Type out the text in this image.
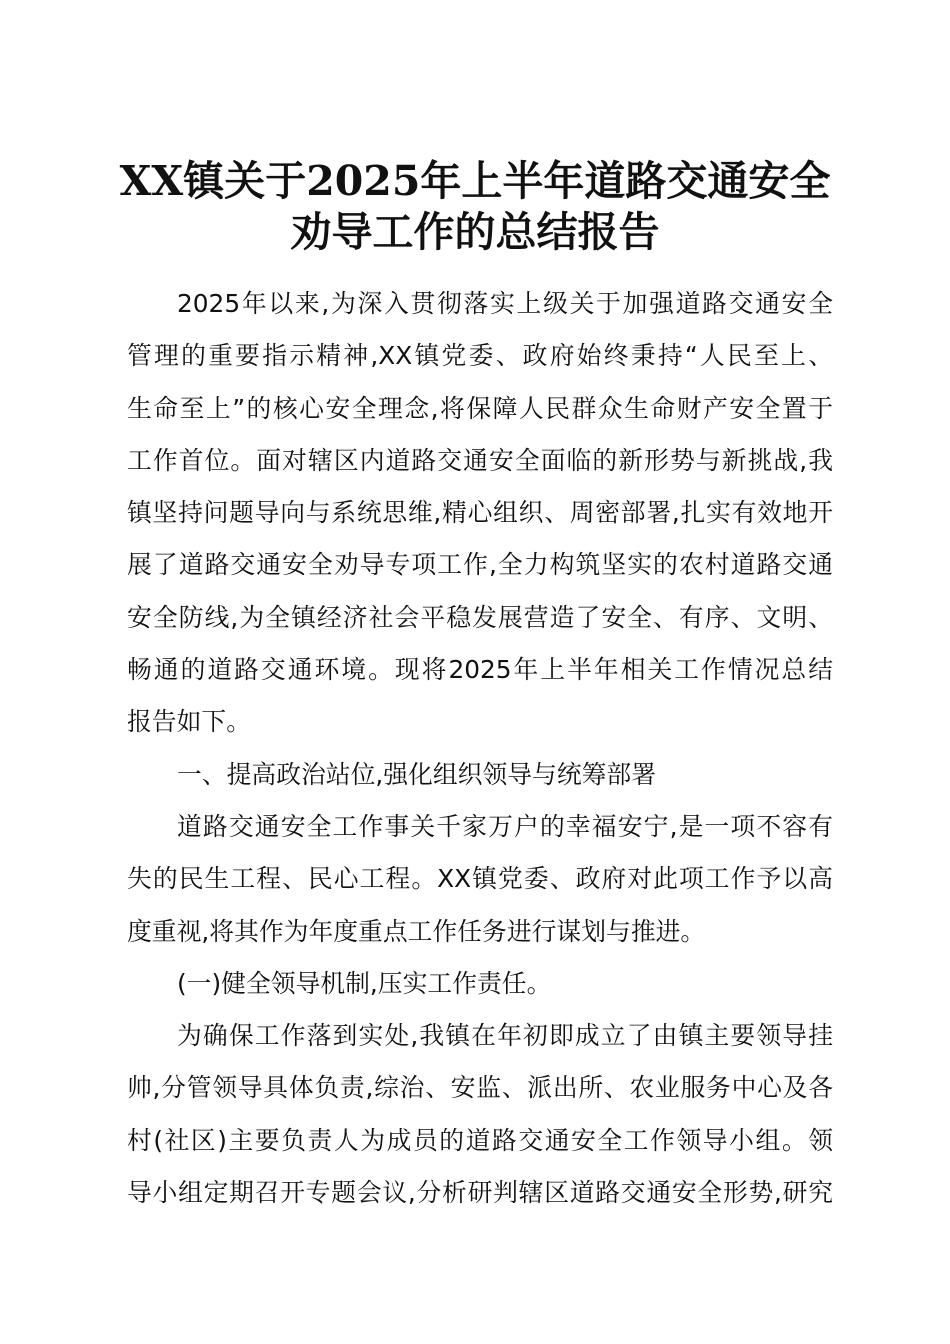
XX镇关于2025年上半年道路交通安全
劝导工作的总结报告
2025年以来,为深入贯彻落实上级关于加强道路交通安全
管理的重要指示精神,XX镇党委、政府始终秉持“人民至上、
生命至上”的核心安全理念,将保障人民群众生命财产安全置于
工作首位。面对辖区内道路交通安全面临的新形势与新挑战,我
镇坚持问题导向与系统思维,精心组织、周密部署,扎实有效地开
展了道路交通安全劝导专项工作,全力构筑坚实的农村道路交通
安全防线,为全镇经济社会平稳发展营造了安全、有序、文明、
畅通的道路交通环境。现将2025年上半年相关工作情况总结
报告如下。
一、提高政治站位,强化组织领导与统筹部署
道路交通安全工作事关千家万户的幸福安宁,是一项不容有
失的民生工程、民心工程。XX镇党委、政府对此项工作予以高
度重视,将其作为年度重点工作任务进行谋划与推进。
(一)健全领导机制,压实工作责任。
为确保工作落到实处,我镇在年初即成立了由镇主要领导挂
帅,分管领导具体负责,综治、安监、派出所、农业服务中心及各
村(社区)主要负责人为成员的道路交通安全工作领导小组。领
导小组定期召开专题会议,分析研判辖区道路交通安全形势,研究
